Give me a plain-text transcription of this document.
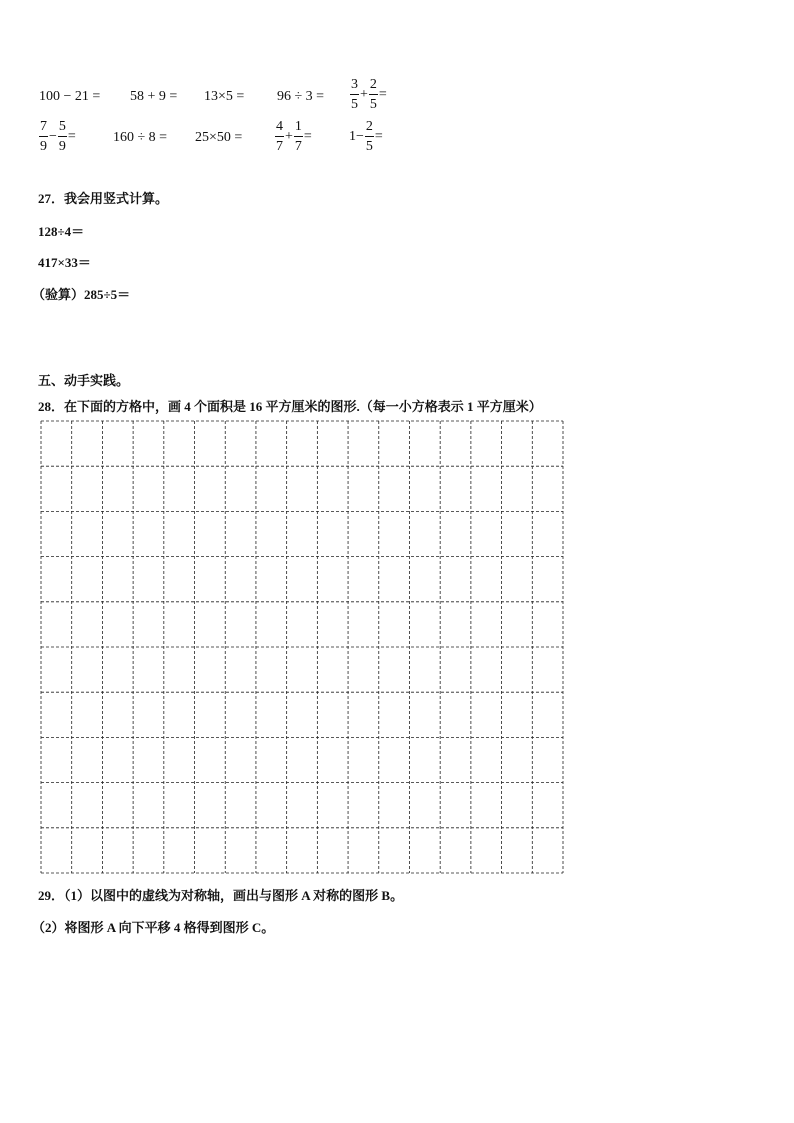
$100 - 21 = 58 + 9 = 13\times 5 = 96 \div 3 = \frac{3}{5} + \frac{2}{5}$ =
$\frac{7}{9} - \frac{5}{9}$ =	$160 \div 8 = 25\times 50 = \frac{4}{7} + \frac{1}{7}$ =	$1- \frac{2}{5}$ =
27．我会用竖式计算。
128÷4＝
417×33＝
（验算）285÷5＝
五、动手实践。
28．在下面的方格中，画 4 个面积是 16 平方厘米的图形.（每一小方格表示 1 平方厘米）
29．（1）以图中的虚线为对称轴，画出与图形 A 对称的图形 B。
（2）将图形 A 向下平移 4 格得到图形 C。
